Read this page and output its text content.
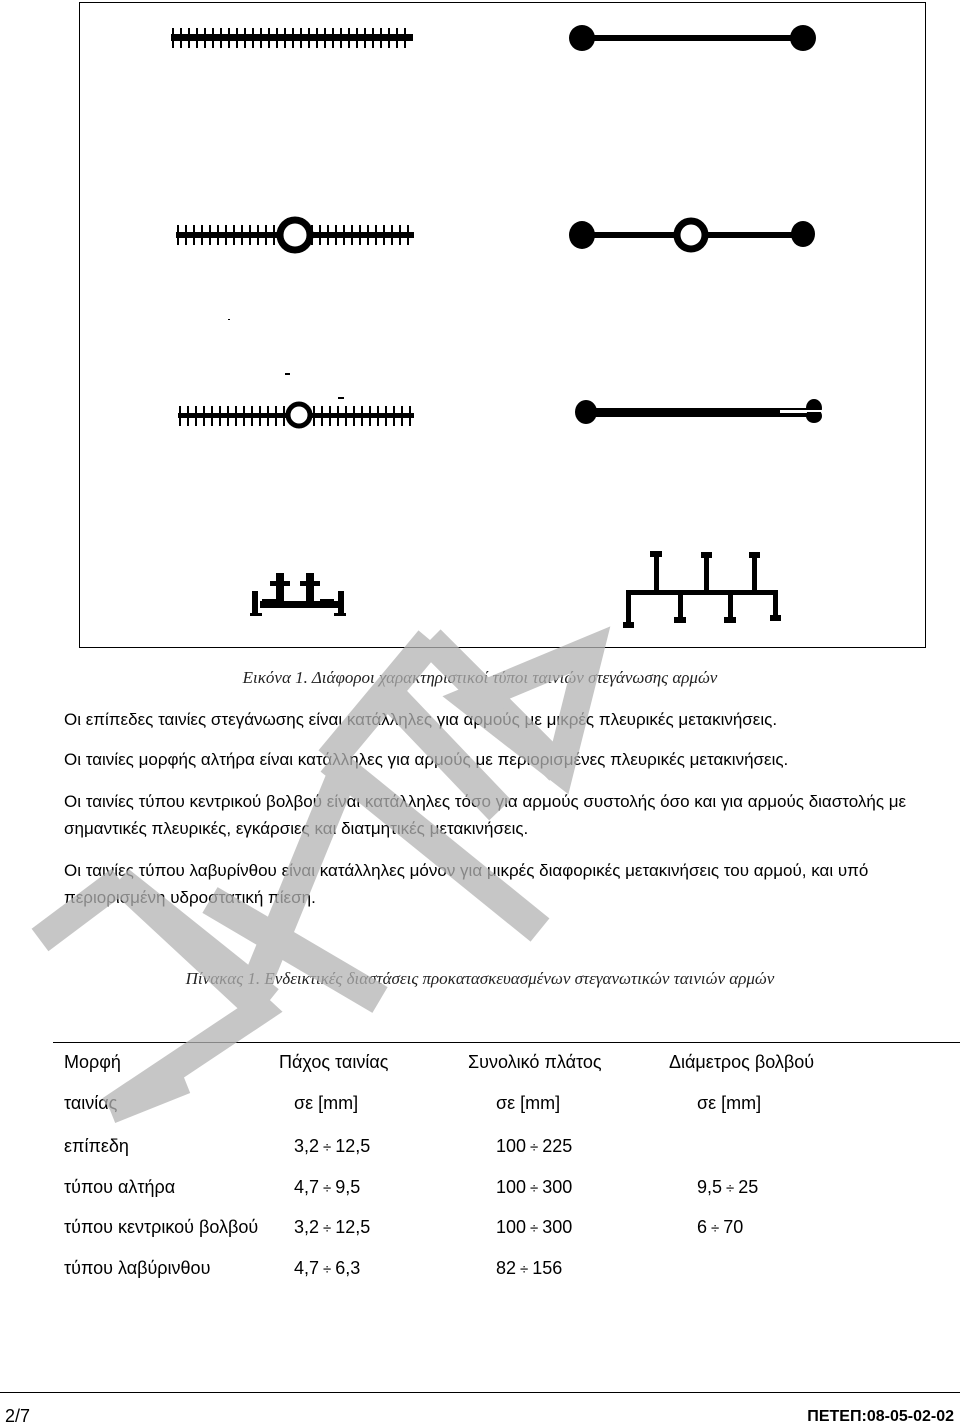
Εικόνα 1. Διάφοροι χαρακτηριστικοί τύποι ταινιών στεγάνωσης αρμών
Οι επίπεδες ταινίες στεγάνωσης είναι κατάλληλες για αρμούς με μικρές πλευρικές μετακινήσεις.
Οι ταινίες μορφής αλτήρα είναι κατάλληλες για αρμούς με περιορισμένες πλευρικές μετακινήσεις.
Οι ταινίες τύπου κεντρικού βολβού είναι κατάλληλες τόσο για αρμούς συστολής όσο και για αρμούς διαστολής με σημαντικές πλευρικές, εγκάρσιες και διατμητικές μετακινήσεις.
Οι ταινίες τύπου λαβυρίνθου είναι κατάλληλες μόνον για μικρές διαφορικές μετακινήσεις του αρμού, και υπό περιορισμένη υδροστατική πίεση.
Πίνακας 1. Ενδεικτικές διαστάσεις προκατασκευασμένων στεγανωτικών ταινιών αρμών
Μορφή	Πάχος ταινίας	Συνολικό πλάτος	Διάμετρος βολβού
ταινίας	σε [mm]	σε [mm]	σε [mm]
επίπεδη	3,2 ÷ 12,5	100 ÷ 225
τύπου αλτήρα	4,7 ÷ 9,5	100 ÷ 300	9,5 ÷ 25
τύπου κεντρικού βολβού 3,2 ÷ 12,5	100 ÷ 300	6 ÷ 70
τύπου λαβύρινθου	4,7 ÷ 6,3	82 ÷ 156
2/7	ΠΕΤΕΠ:08-05-02-02
